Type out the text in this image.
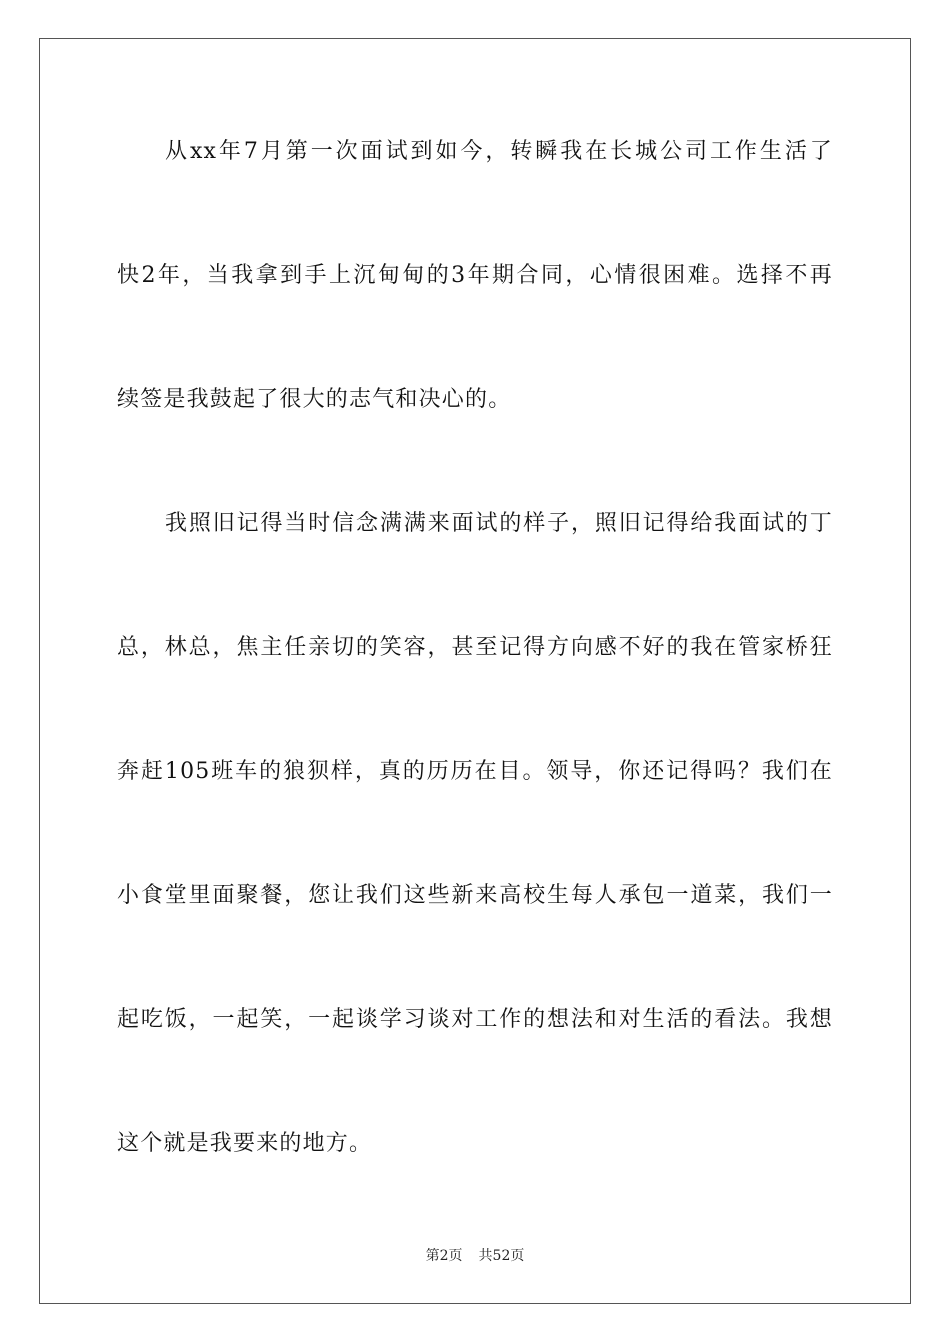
从xx年7月第一次面试到如今，转瞬我在长城公司工作生活了
快2年，当我拿到手上沉甸甸的3年期合同，心情很困难。选择不再
续签是我鼓起了很大的志气和决心的。
我照旧记得当时信念满满来面试的样子，照旧记得给我面试的丁
总，林总，焦主任亲切的笑容，甚至记得方向感不好的我在管家桥狂
奔赶105班车的狼狈样，真的历历在目。领导，你还记得吗？我们在
小食堂里面聚餐，您让我们这些新来高校生每人承包一道菜，我们一
起吃饭，一起笑，一起谈学习谈对工作的想法和对生活的看法。我想
这个就是我要来的地方。
第2页 共52页
